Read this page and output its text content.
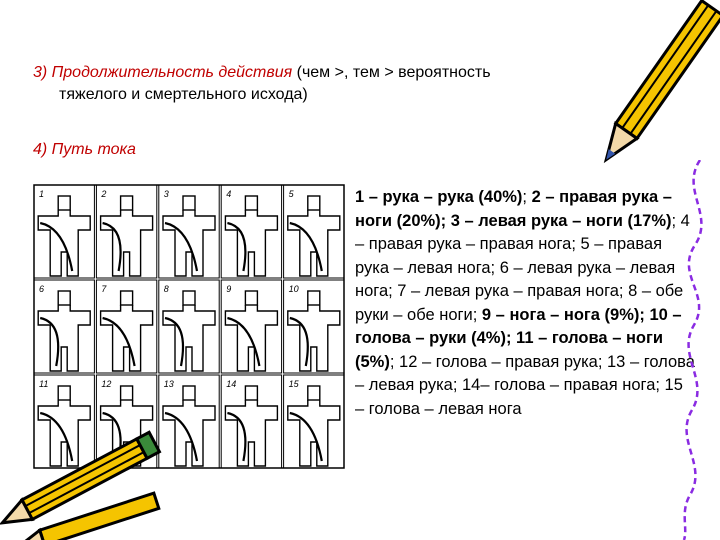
3) Продолжительность действия (чем >, тем > вероятность
тяжелого и смертельного исхода)
4) Путь тока
1	2	3	4	5
6	7	8	9	10
11	12	13	14	15
1 – рука – рука (40%); 2 – правая рука – ноги (20%); 3 – левая рука – ноги (17%); 4 – правая рука – правая нога; 5 – правая рука – левая нога; 6 – левая рука – левая нога; 7 – левая рука – правая нога; 8 – обе руки – обе ноги; 9 – нога – нога (9%); 10 – голова – руки (4%); 11 – голова – ноги (5%); 12 – голова – правая рука; 13 – голова – левая рука; 14– голова – правая нога; 15 – голова – левая нога
